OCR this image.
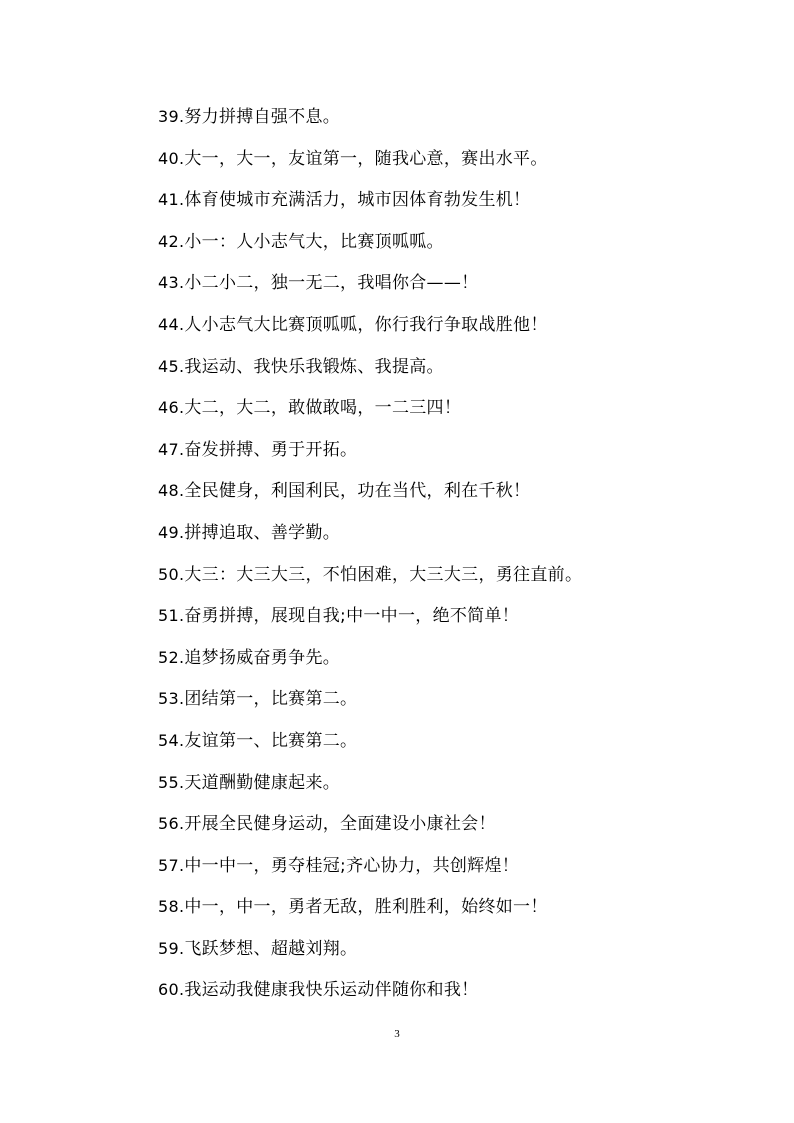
39.努力拼搏自强不息。
40.大一，大一，友谊第一，随我心意，赛出水平。
41.体育使城市充满活力，城市因体育勃发生机！
42.小一：人小志气大，比赛顶呱呱。
43.小二小二，独一无二，我唱你合——！
44.人小志气大比赛顶呱呱，你行我行争取战胜他！
45.我运动、我快乐我锻炼、我提高。
46.大二，大二，敢做敢喝，一二三四！
47.奋发拼搏、勇于开拓。
48.全民健身，利国利民，功在当代，利在千秋！
49.拼搏追取、善学勤。
50.大三：大三大三，不怕困难，大三大三，勇往直前。
51.奋勇拼搏，展现自我;中一中一，绝不简单！
52.追梦扬威奋勇争先。
53.团结第一，比赛第二。
54.友谊第一、比赛第二。
55.天道酬勤健康起来。
56.开展全民健身运动，全面建设小康社会！
57.中一中一，勇夺桂冠;齐心协力，共创辉煌！
58.中一，中一，勇者无敌，胜利胜利，始终如一！
59.飞跃梦想、超越刘翔。
60.我运动我健康我快乐运动伴随你和我！
3
